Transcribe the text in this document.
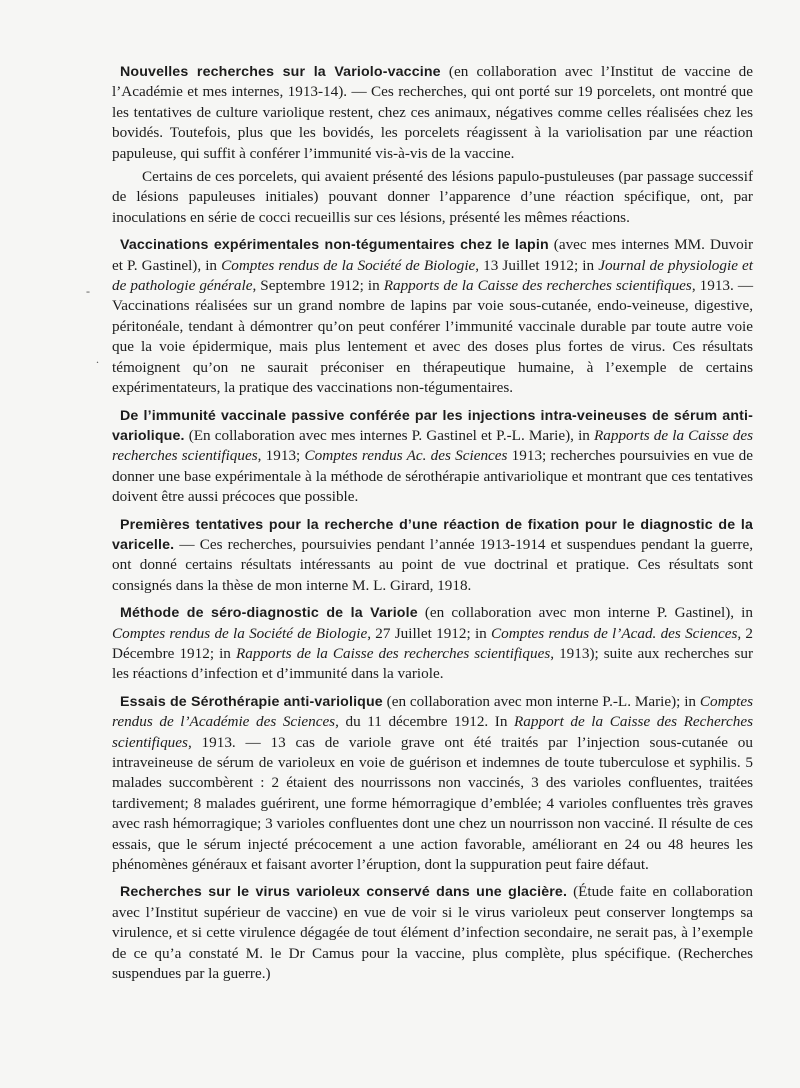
Nouvelles recherches sur la Variolo-vaccine (en collaboration avec l’Institut de vaccine de l’Académie et mes internes, 1913-14). — Ces recherches, qui ont porté sur 19 porcelets, ont montré que les tentatives de culture variolique restent, chez ces animaux, négatives comme celles réalisées chez les bovidés. Toutefois, plus que les bovidés, les porcelets réagissent à la variolisation par une réaction papuleuse, qui suffit à conférer l’immunité vis-à-vis de la vaccine.

Certains de ces porcelets, qui avaient présenté des lésions papulo-pustuleuses (par passage successif de lésions papuleuses initiales) pouvant donner l’apparence d’une réaction spécifique, ont, par inoculations en série de cocci recueillis sur ces lésions, présenté les mêmes réactions.

Vaccinations expérimentales non-tégumentaires chez le lapin (avec mes internes MM. Duvoir et P. Gastinel), in Comptes rendus de la Société de Biologie, 13 Juillet 1912; in Journal de physiologie et de pathologie générale, Septembre 1912; in Rapports de la Caisse des recherches scientifiques, 1913. — Vaccinations réalisées sur un grand nombre de lapins par voie sous-cutanée, endo-veineuse, digestive, péritonéale, tendant à démontrer qu’on peut conférer l’immunité vaccinale durable par toute autre voie que la voie épidermique, mais plus lentement et avec des doses plus fortes de virus. Ces résultats témoignent qu’on ne saurait préconiser en thérapeutique humaine, à l’exemple de certains expérimentateurs, la pratique des vaccinations non-tégumentaires.

De l’immunité vaccinale passive conférée par les injections intra-veineuses de sérum anti-variolique. (En collaboration avec mes internes P. Gastinel et P.-L. Marie), in Rapports de la Caisse des recherches scientifiques, 1913; Comptes rendus Ac. des Sciences 1913; recherches poursuivies en vue de donner une base expérimentale à la méthode de sérothérapie antivariolique et montrant que ces tentatives doivent être aussi précoces que possible.

Premières tentatives pour la recherche d’une réaction de fixation pour le diagnostic de la varicelle. — Ces recherches, poursuivies pendant l’année 1913-1914 et suspendues pendant la guerre, ont donné certains résultats intéressants au point de vue doctrinal et pratique. Ces résultats sont consignés dans la thèse de mon interne M. L. Girard, 1918.

Méthode de séro-diagnostic de la Variole (en collaboration avec mon interne P. Gastinel), in Comptes rendus de la Société de Biologie, 27 Juillet 1912; in Comptes rendus de l’Acad. des Sciences, 2 Décembre 1912; in Rapports de la Caisse des recherches scientifiques, 1913); suite aux recherches sur les réactions d’infection et d’immunité dans la variole.

Essais de Sérothérapie anti-variolique (en collaboration avec mon interne P.-L. Marie); in Comptes rendus de l’Académie des Sciences, du 11 décembre 1912. In Rapport de la Caisse des Recherches scientifiques, 1913. — 13 cas de variole grave ont été traités par l’injection sous-cutanée ou intraveineuse de sérum de varioleux en voie de guérison et indemnes de toute tuberculose et syphilis. 5 malades succombèrent : 2 étaient des nourrissons non vaccinés, 3 des varioles confluentes, traitées tardivement; 8 malades guérirent, une forme hémorragique d’emblée; 4 varioles confluentes très graves avec rash hémorragique; 3 varioles confluentes dont une chez un nourrisson non vacciné. Il résulte de ces essais, que le sérum injecté précocement a une action favorable, améliorant en 24 ou 48 heures les phénomènes généraux et faisant avorter l’éruption, dont la suppuration peut faire défaut.

Recherches sur le virus varioleux conservé dans une glacière. (Étude faite en collaboration avec l’Institut supérieur de vaccine) en vue de voir si le virus varioleux peut conserver longtemps sa virulence, et si cette virulence dégagée de tout élément d’infection secondaire, ne serait pas, à l’exemple de ce qu’a constaté M. le Dr Camus pour la vaccine, plus complète, plus spécifique. (Recherches suspendues par la guerre.)

-
.
